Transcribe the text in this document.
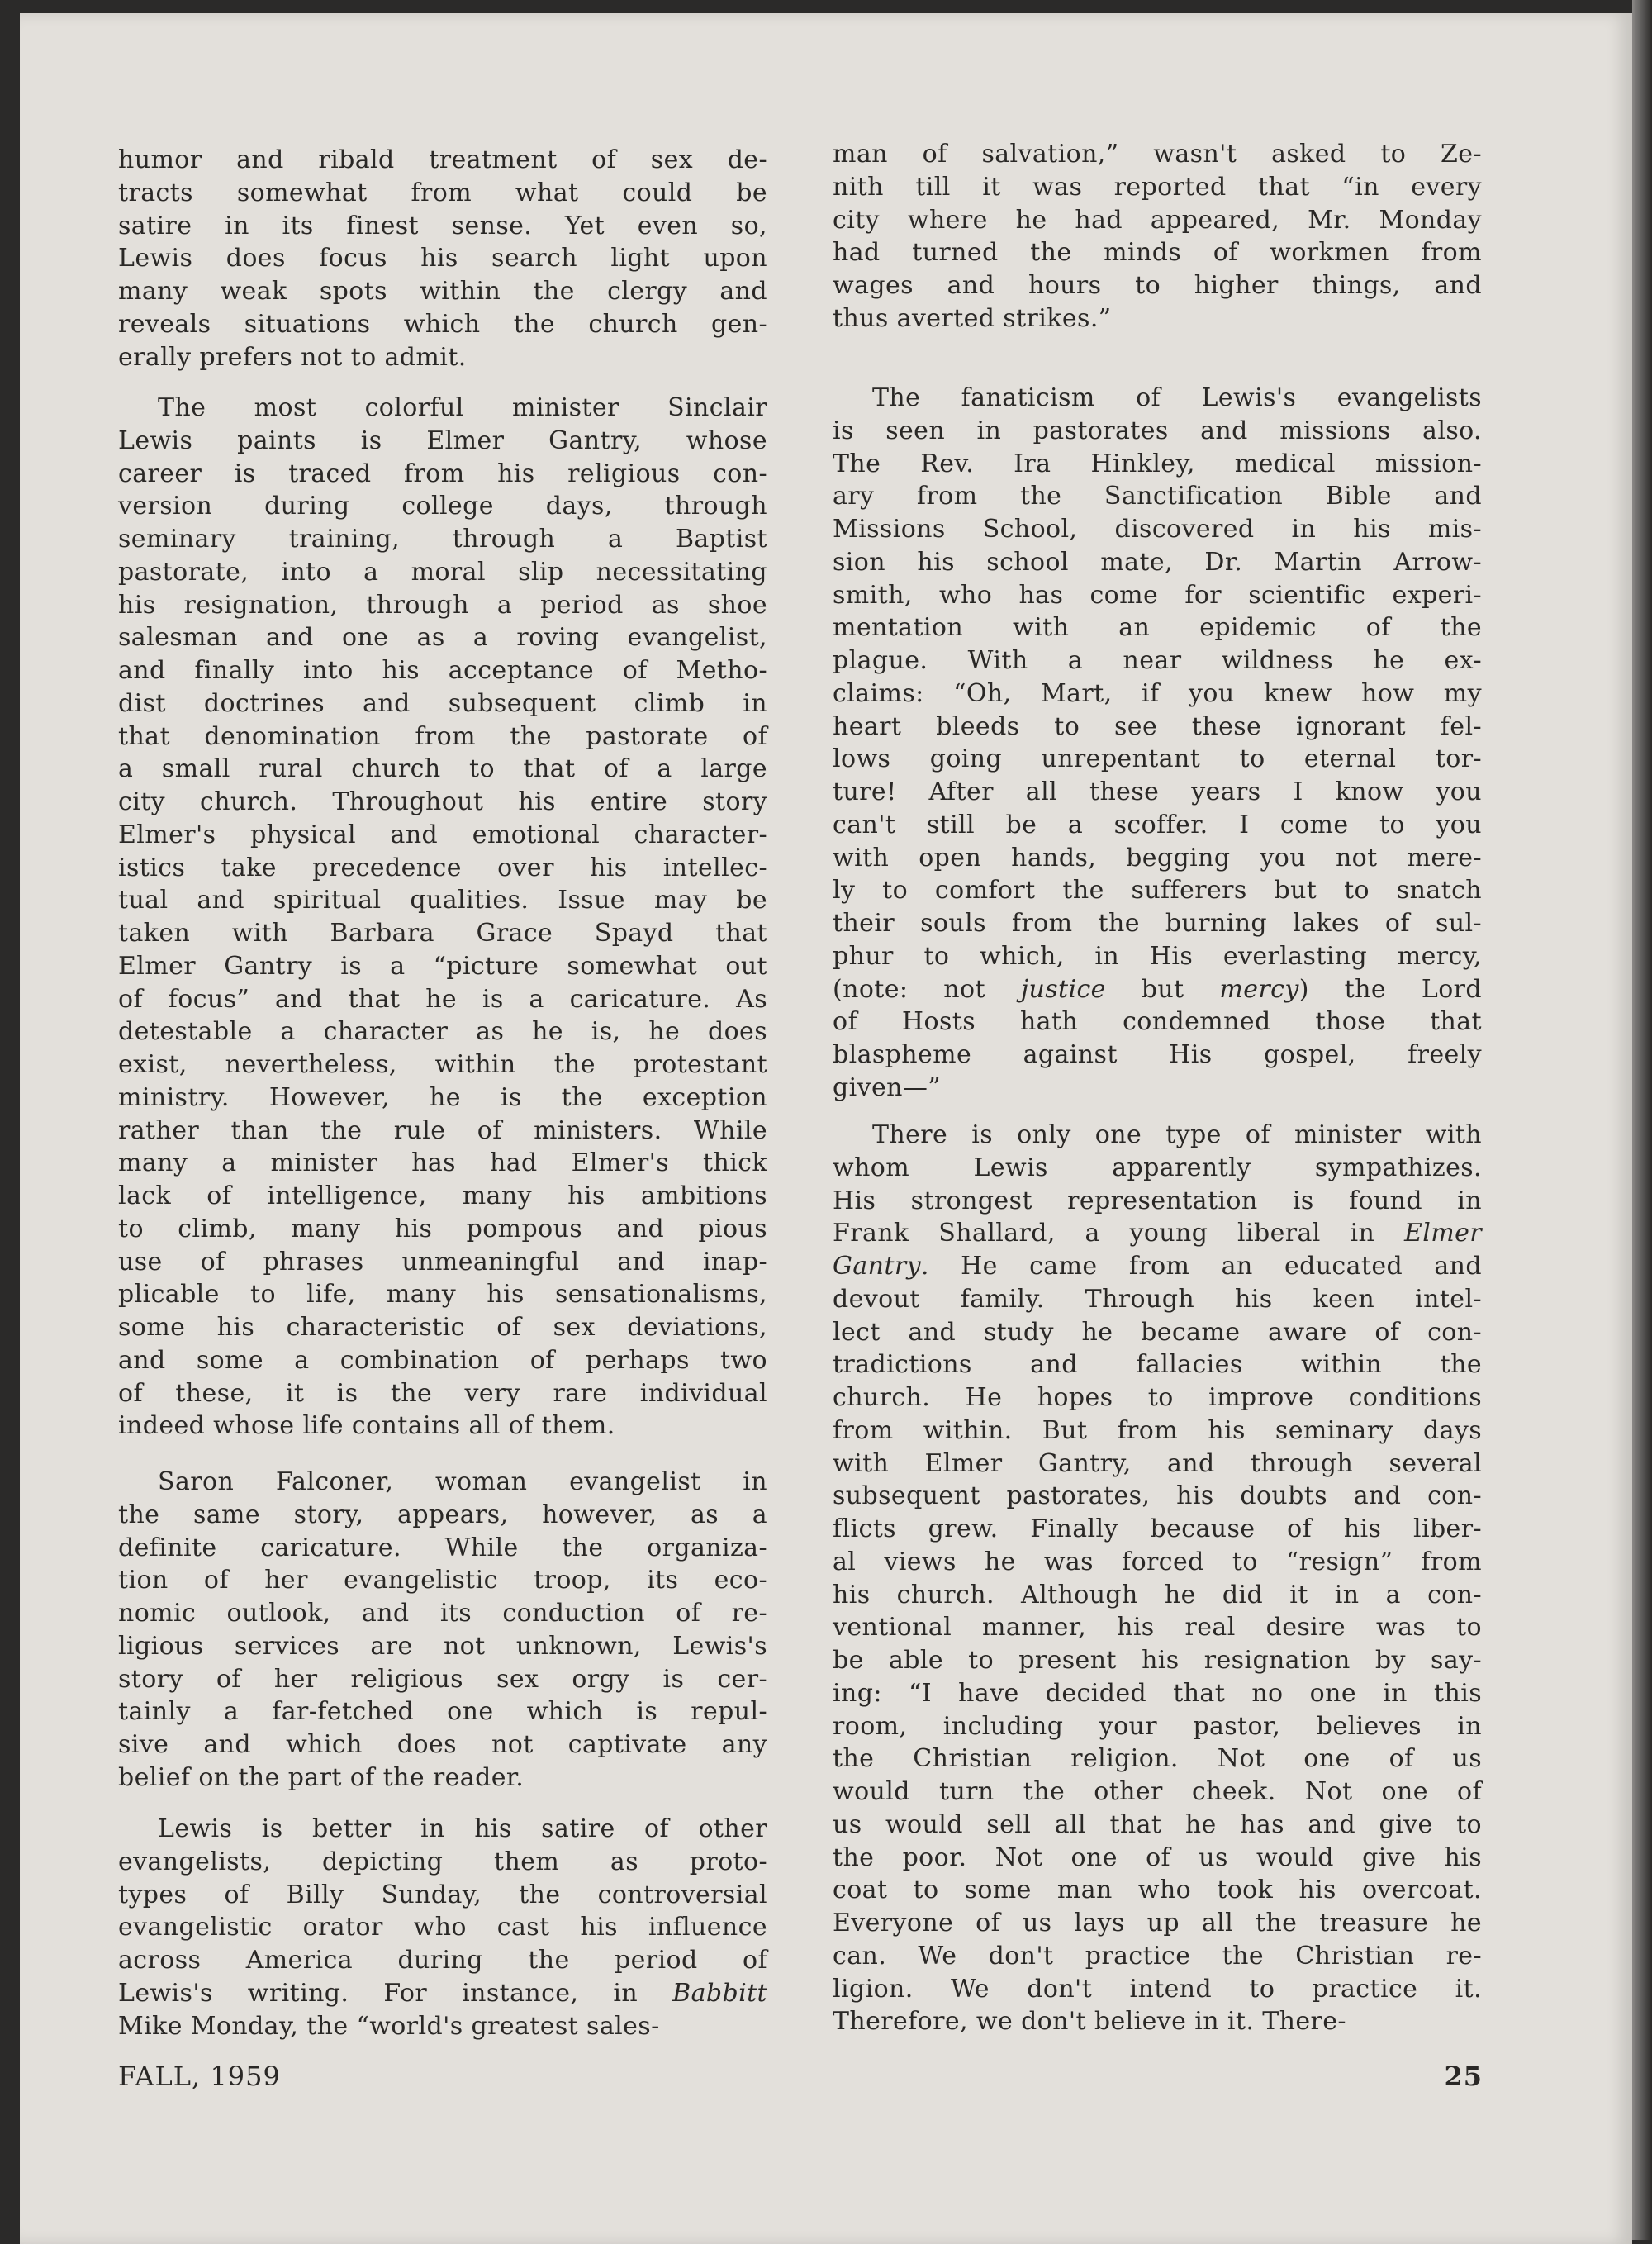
humor and ribald treatment of sex de-
tracts somewhat from what could be
satire in its finest sense. Yet even so,
Lewis does focus his search light upon
many weak spots within the clergy and
reveals situations which the church gen-
erally prefers not to admit.
The most colorful minister Sinclair
Lewis paints is Elmer Gantry, whose
career is traced from his religious con-
version during college days, through
seminary training, through a Baptist
pastorate, into a moral slip necessitating
his resignation, through a period as shoe
salesman and one as a roving evangelist,
and finally into his acceptance of Metho-
dist doctrines and subsequent climb in
that denomination from the pastorate of
a small rural church to that of a large
city church. Throughout his entire story
Elmer's physical and emotional character-
istics take precedence over his intellec-
tual and spiritual qualities. Issue may be
taken with Barbara Grace Spayd that
Elmer Gantry is a “picture somewhat out
of focus” and that he is a caricature. As
detestable a character as he is, he does
exist, nevertheless, within the protestant
ministry. However, he is the exception
rather than the rule of ministers. While
many a minister has had Elmer's thick
lack of intelligence, many his ambitions
to climb, many his pompous and pious
use of phrases unmeaningful and inap-
plicable to life, many his sensationalisms,
some his characteristic of sex deviations,
and some a combination of perhaps two
of these, it is the very rare individual
indeed whose life contains all of them.
Saron Falconer, woman evangelist in
the same story, appears, however, as a
definite caricature. While the organiza-
tion of her evangelistic troop, its eco-
nomic outlook, and its conduction of re-
ligious services are not unknown, Lewis's
story of her religious sex orgy is cer-
tainly a far-fetched one which is repul-
sive and which does not captivate any
belief on the part of the reader.
Lewis is better in his satire of other
evangelists, depicting them as proto-
types of Billy Sunday, the controversial
evangelistic orator who cast his influence
across America during the period of
Lewis's writing. For instance, in Babbitt
Mike Monday, the “world's greatest sales-
man of salvation,” wasn't asked to Ze-
nith till it was reported that “in every
city where he had appeared, Mr. Monday
had turned the minds of workmen from
wages and hours to higher things, and
thus averted strikes.”
The fanaticism of Lewis's evangelists
is seen in pastorates and missions also.
The Rev. Ira Hinkley, medical mission-
ary from the Sanctification Bible and
Missions School, discovered in his mis-
sion his school mate, Dr. Martin Arrow-
smith, who has come for scientific experi-
mentation with an epidemic of the
plague. With a near wildness he ex-
claims: “Oh, Mart, if you knew how my
heart bleeds to see these ignorant fel-
lows going unrepentant to eternal tor-
ture! After all these years I know you
can't still be a scoffer. I come to you
with open hands, begging you not mere-
ly to comfort the sufferers but to snatch
their souls from the burning lakes of sul-
phur to which, in His everlasting mercy,
(note: not justice but mercy) the Lord
of Hosts hath condemned those that
blaspheme against His gospel, freely
given—”
There is only one type of minister with
whom Lewis apparently sympathizes.
His strongest representation is found in
Frank Shallard, a young liberal in Elmer
Gantry. He came from an educated and
devout family. Through his keen intel-
lect and study he became aware of con-
tradictions and fallacies within the
church. He hopes to improve conditions
from within. But from his seminary days
with Elmer Gantry, and through several
subsequent pastorates, his doubts and con-
flicts grew. Finally because of his liber-
al views he was forced to “resign” from
his church. Although he did it in a con-
ventional manner, his real desire was to
be able to present his resignation by say-
ing: “I have decided that no one in this
room, including your pastor, believes in
the Christian religion. Not one of us
would turn the other cheek. Not one of
us would sell all that he has and give to
the poor. Not one of us would give his
coat to some man who took his overcoat.
Everyone of us lays up all the treasure he
can. We don't practice the Christian re-
ligion. We don't intend to practice it.
Therefore, we don't believe in it. There-
FALL, 1959	25
